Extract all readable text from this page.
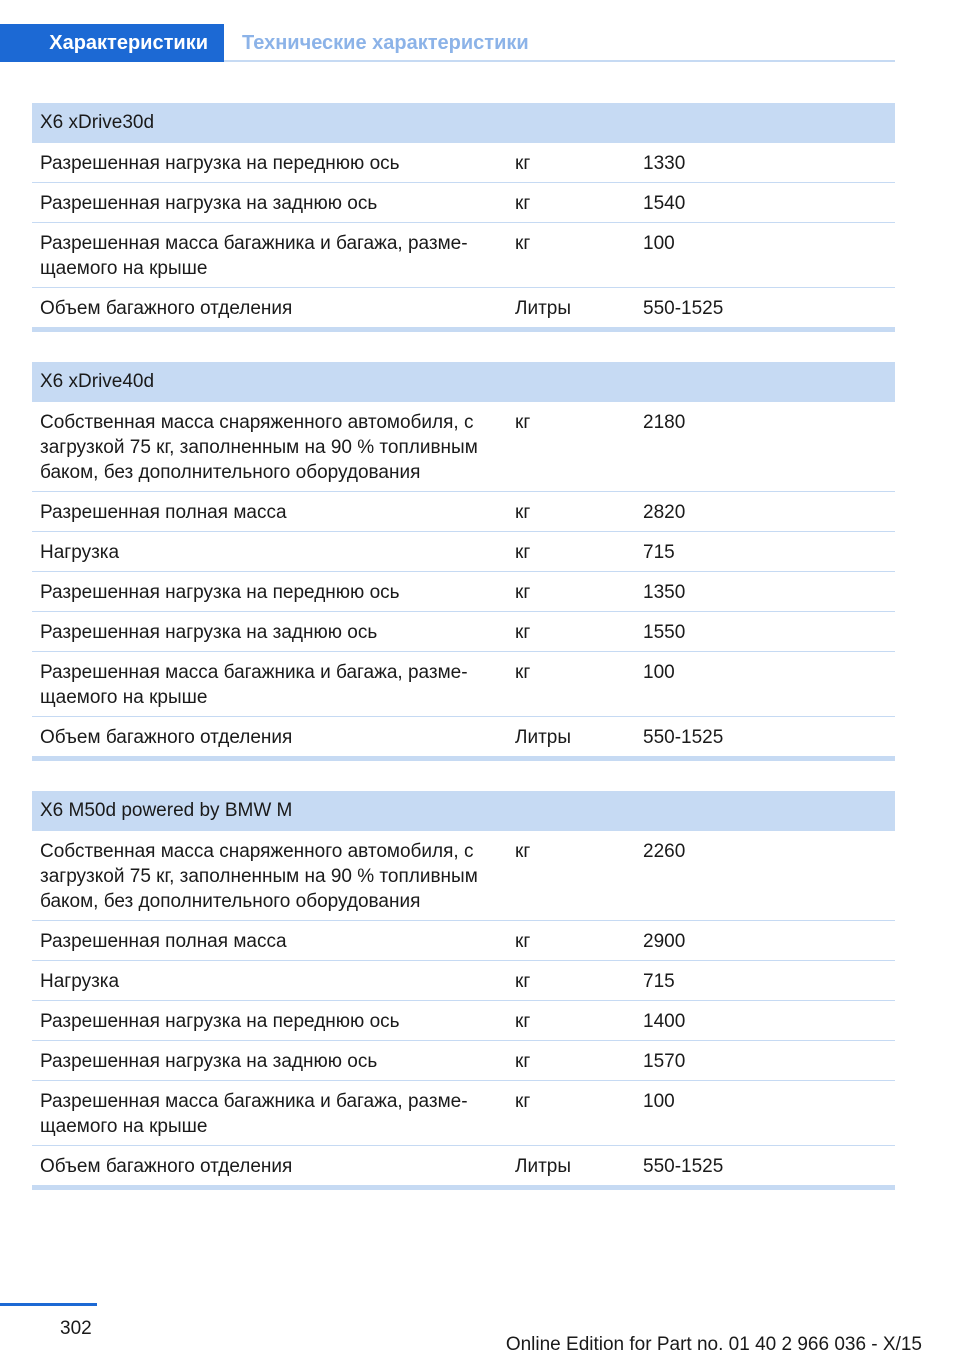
Характеристики	Технические характеристики
X6 xDrive30d		
Разрешенная нагрузка на переднюю ось	кг	1330
Разрешенная нагрузка на заднюю ось	кг	1540
Разрешенная масса багажника и багажа, разме-
щаемого на крыше	кг	100
Объем багажного отделения	Литры	550-1525
X6 xDrive40d		
Собственная масса снаряженного автомобиля, с
загрузкой 75 кг, заполненным на 90 % топливным
баком, без дополнительного оборудования	кг	2180
Разрешенная полная масса	кг	2820
Нагрузка	кг	715
Разрешенная нагрузка на переднюю ось	кг	1350
Разрешенная нагрузка на заднюю ось	кг	1550
Разрешенная масса багажника и багажа, разме-
щаемого на крыше	кг	100
Объем багажного отделения	Литры	550-1525
X6 M50d powered by BMW M		
Собственная масса снаряженного автомобиля, с
загрузкой 75 кг, заполненным на 90 % топливным
баком, без дополнительного оборудования	кг	2260
Разрешенная полная масса	кг	2900
Нагрузка	кг	715
Разрешенная нагрузка на переднюю ось	кг	1400
Разрешенная нагрузка на заднюю ось	кг	1570
Разрешенная масса багажника и багажа, разме-
щаемого на крыше	кг	100
Объем багажного отделения	Литры	550-1525
302
Online Edition for Part no. 01 40 2 966 036 - X/15
